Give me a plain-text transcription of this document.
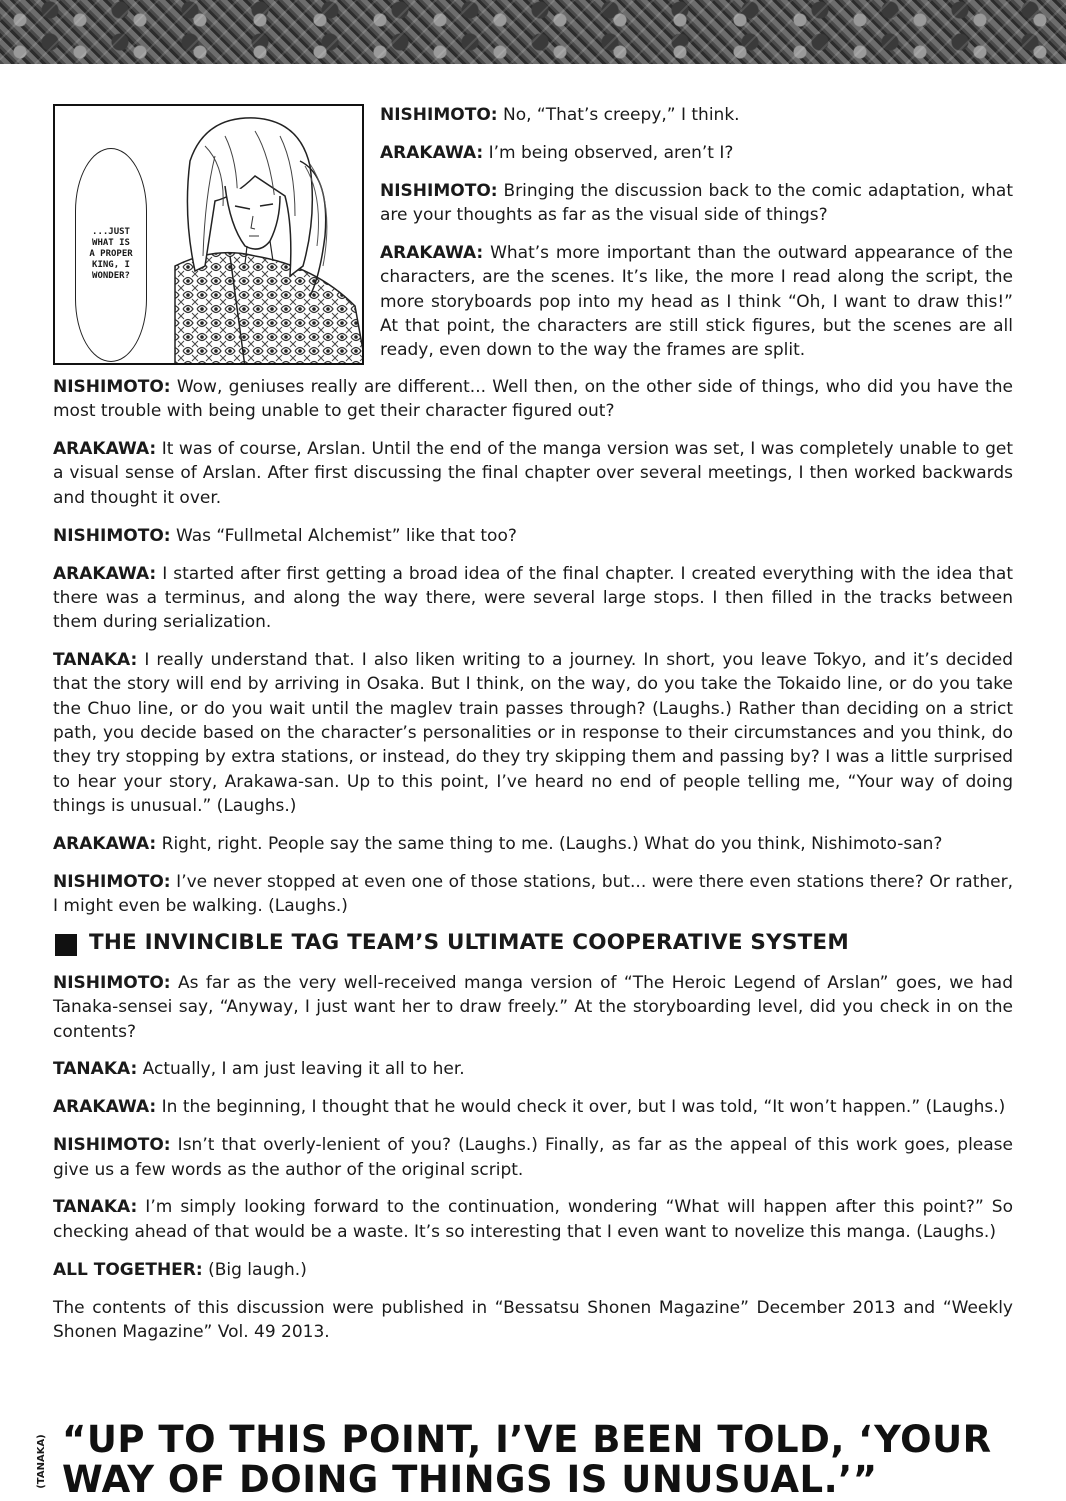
...JUST WHAT IS A PROPER KING, I WONDER?

NISHIMOTO: No, “That’s creepy,” I think.

ARAKAWA: I’m being observed, aren’t I?

NISHIMOTO: Bringing the discussion back to the comic adaptation, what are your thoughts as far as the visual side of things?

ARAKAWA: What’s more important than the outward appearance of the characters, are the scenes. It’s like, the more I read along the script, the more storyboards pop into my head as I think “Oh, I want to draw this!” At that point, the characters are still stick figures, but the scenes are all ready, even down to the way the frames are split.

NISHIMOTO: Wow, geniuses really are different... Well then, on the other side of things, who did you have the most trouble with being unable to get their character figured out?

ARAKAWA: It was of course, Arslan. Until the end of the manga version was set, I was completely unable to get a visual sense of Arslan. After first discussing the final chapter over several meetings, I then worked backwards and thought it over.

NISHIMOTO: Was “Fullmetal Alchemist” like that too?

ARAKAWA: I started after first getting a broad idea of the final chapter. I created everything with the idea that there was a terminus, and along the way there, were several large stops. I then filled in the tracks between them during serialization.

TANAKA: I really understand that. I also liken writing to a journey. In short, you leave Tokyo, and it’s decided that the story will end by arriving in Osaka. But I think, on the way, do you take the Tokaido line, or do you take the Chuo line, or do you wait until the maglev train passes through? (Laughs.) Rather than deciding on a strict path, you decide based on the character’s personalities or in response to their circumstances and you think, do they try stopping by extra stations, or instead, do they try skipping them and passing by? I was a little surprised to hear your story, Arakawa-san. Up to this point, I’ve heard no end of people telling me, “Your way of doing things is unusual.” (Laughs.)

ARAKAWA: Right, right. People say the same thing to me. (Laughs.) What do you think, Nishimoto-san?

NISHIMOTO: I’ve never stopped at even one of those stations, but... were there even stations there? Or rather, I might even be walking. (Laughs.)

THE INVINCIBLE TAG TEAM’S ULTIMATE COOPERATIVE SYSTEM

NISHIMOTO: As far as the very well-received manga version of “The Heroic Legend of Arslan” goes, we had Tanaka-sensei say, “Anyway, I just want her to draw freely.” At the storyboarding level, did you check in on the contents?

TANAKA: Actually, I am just leaving it all to her.

ARAKAWA: In the beginning, I thought that he would check it over, but I was told, “It won’t happen.” (Laughs.)

NISHIMOTO: Isn’t that overly-lenient of you? (Laughs.) Finally, as far as the appeal of this work goes, please give us a few words as the author of the original script.

TANAKA: I’m simply looking forward to the continuation, wondering “What will happen after this point?” So checking ahead of that would be a waste. It’s so interesting that I even want to novelize this manga. (Laughs.)

ALL TOGETHER: (Big laugh.)

The contents of this discussion were published in “Bessatsu Shonen Magazine” December 2013 and “Weekly Shonen Magazine” Vol. 49 2013.

(TANAKA) “UP TO THIS POINT, I’VE BEEN TOLD, ‘YOUR
WAY OF DOING THINGS IS UNUSUAL.’”
